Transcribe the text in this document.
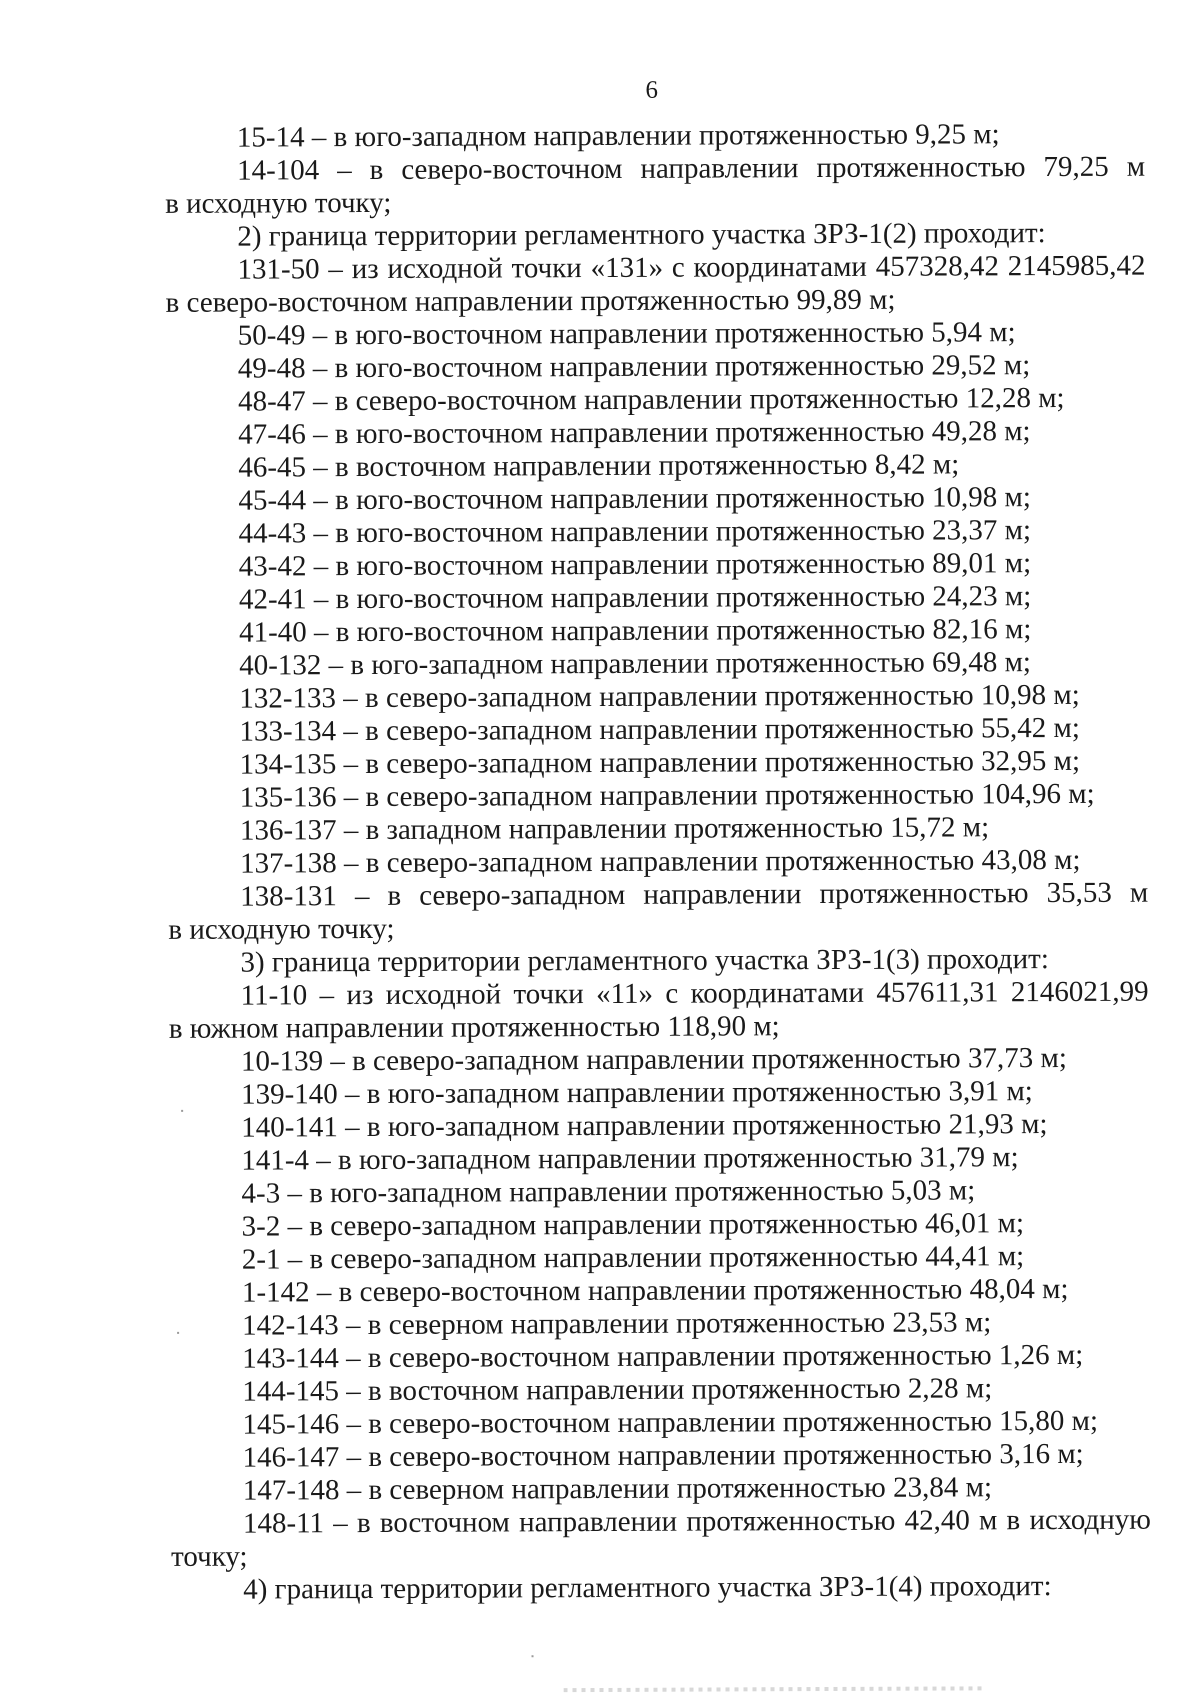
6

15-14 – в юго-западном направлении протяженностью 9,25 м;

14-104 – в северо-восточном направлении протяженностью 79,25 м
в исходную точку;

2) граница территории регламентного участка ЗРЗ-1(2) проходит:

131-50 – из исходной точки «131» с координатами 457328,42 2145985,42
в северо-восточном направлении протяженностью 99,89 м;

50-49 – в юго-восточном направлении протяженностью 5,94 м;

49-48 – в юго-восточном направлении протяженностью 29,52 м;

48-47 – в северо-восточном направлении протяженностью 12,28 м;

47-46 – в юго-восточном направлении протяженностью 49,28 м;

46-45 – в восточном направлении протяженностью 8,42 м;

45-44 – в юго-восточном направлении протяженностью 10,98 м;

44-43 – в юго-восточном направлении протяженностью 23,37 м;

43-42 – в юго-восточном направлении протяженностью 89,01 м;

42-41 – в юго-восточном направлении протяженностью 24,23 м;

41-40 – в юго-восточном направлении протяженностью 82,16 м;

40-132 – в юго-западном направлении протяженностью 69,48 м;

132-133 – в северо-западном направлении протяженностью 10,98 м;

133-134 – в северо-западном направлении протяженностью 55,42 м;

134-135 – в северо-западном направлении протяженностью 32,95 м;

135-136 – в северо-западном направлении протяженностью 104,96 м;

136-137 – в западном направлении протяженностью 15,72 м;

137-138 – в северо-западном направлении протяженностью 43,08 м;

138-131 – в северо-западном направлении протяженностью 35,53 м
в исходную точку;

3) граница территории регламентного участка ЗРЗ-1(3) проходит:

11-10 – из исходной точки «11» с координатами 457611,31 2146021,99
в южном направлении протяженностью 118,90 м;

10-139 – в северо-западном направлении протяженностью 37,73 м;

139-140 – в юго-западном направлении протяженностью 3,91 м;

140-141 – в юго-западном направлении протяженностью 21,93 м;

141-4 – в юго-западном направлении протяженностью 31,79 м;

4-3 – в юго-западном направлении протяженностью 5,03 м;

3-2 – в северо-западном направлении протяженностью 46,01 м;

2-1 – в северо-западном направлении протяженностью 44,41 м;

1-142 – в северо-восточном направлении протяженностью 48,04 м;

142-143 – в северном направлении протяженностью 23,53 м;

143-144 – в северо-восточном направлении протяженностью 1,26 м;

144-145 – в восточном направлении протяженностью 2,28 м;

145-146 – в северо-восточном направлении протяженностью 15,80 м;

146-147 – в северо-восточном направлении протяженностью 3,16 м;

147-148 – в северном направлении протяженностью 23,84 м;

148-11 – в восточном направлении протяженностью 42,40 м в исходную
точку;

4) граница территории регламентного участка ЗРЗ-1(4) проходит:
